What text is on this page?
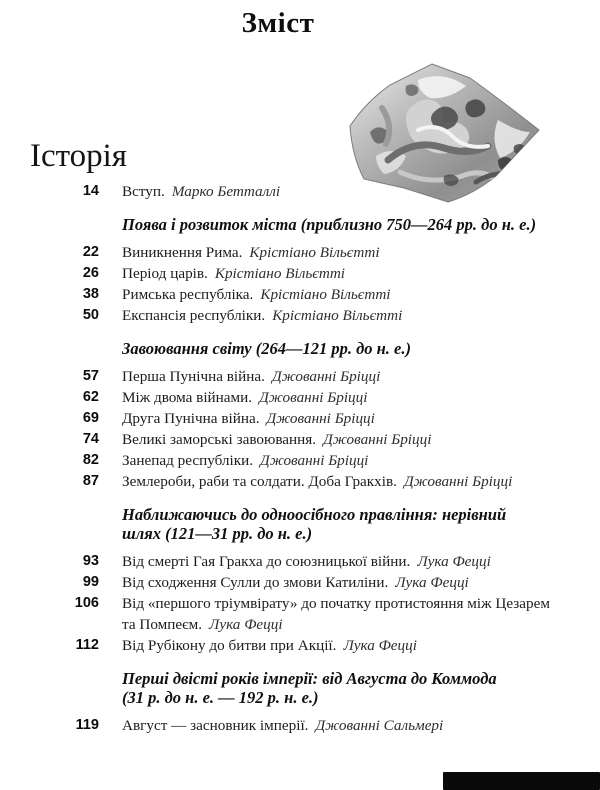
Зміст
Історія
14 Вступ. Марко Бетталлі
Поява і розвиток міста (приблизно 750—264 рр. до н. е.)
22 Виникнення Рима. Крістіано Вільєтті
26 Період царів. Крістіано Вільєтті
38 Римська республіка. Крістіано Вільєтті
50 Експансія республіки. Крістіано Вільєтті
Завоювання світу (264—121 рр. до н. е.)
57 Перша Пунічна війна. Джованні Бріцці
62 Між двома війнами. Джованні Бріцці
69 Друга Пунічна війна. Джованні Бріцці
74 Великі заморські завоювання. Джованні Бріцці
82 Занепад республіки. Джованні Бріцці
87 Землероби, раби та солдати. Доба Гракхів. Джованні Бріцці
Наближаючись до одноосібного правління: нерівний
шлях (121—31 рр. до н. е.)
93 Від смерті Гая Гракха до союзницької війни. Лука Фецці
99 Від сходження Сулли до змови Катиліни. Лука Фецці
106 Від «першого тріумвірату» до початку протистояння між Цезарем
та Помпеєм. Лука Фецці
112 Від Рубікону до битви при Акції. Лука Фецці
Перші двісті років імперії: від Августа до Коммода
(31 р. до н. е. — 192 р. н. е.)
119 Август — засновник імперії. Джованні Сальмері
